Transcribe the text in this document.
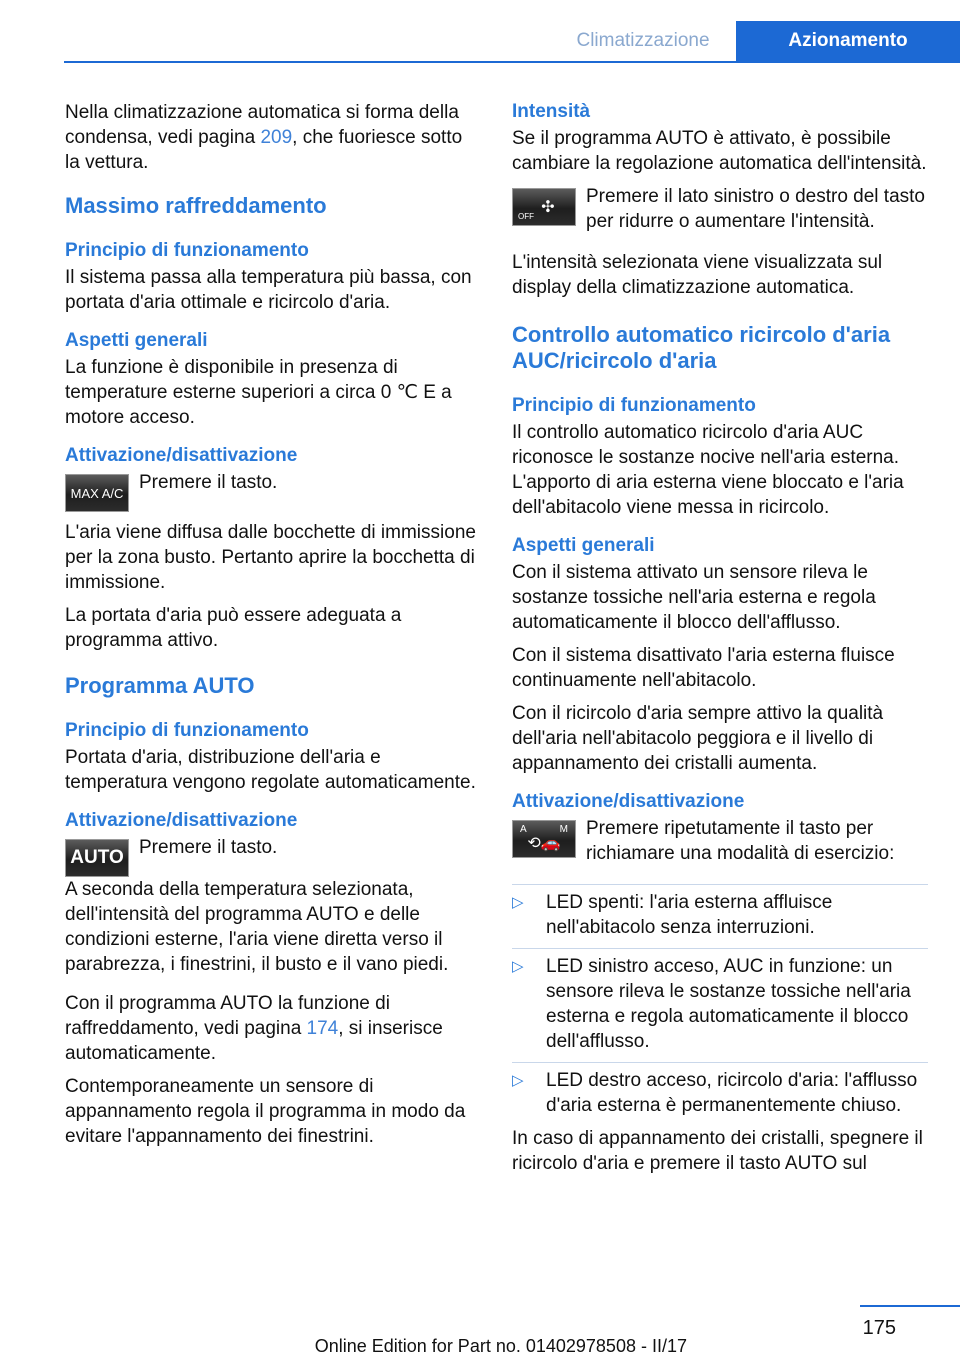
Climatizzazione	Azionamento

Nella climatizzazione automatica si forma della condensa, vedi pagina 209, che fuoriesce sotto la vettura.

Massimo raffreddamento
Principio di funzionamento

Il sistema passa alla temperatura più bassa, con portata d'aria ottimale e ricircolo d'aria.

Aspetti generali

La funzione è disponibile in presenza di temperature esterne superiori a circa 0 ℃ E a motore acceso.

Attivazione/disattivazione
MAX A/C Premere il tasto.

L'aria viene diffusa dalle bocchette di immissione per la zona busto. Pertanto aprire la bocchetta di immissione.

La portata d'aria può essere adeguata a programma attivo.

Programma AUTO
Principio di funzionamento

Portata d'aria, distribuzione dell'aria e temperatura vengono regolate automaticamente.

Attivazione/disattivazione
AUTO Premere il tasto.

A seconda della temperatura selezionata, dell'intensità del programma AUTO e delle condizioni esterne, l'aria viene diretta verso il parabrezza, i finestrini, il busto e il vano piedi.

Con il programma AUTO la funzione di raffreddamento, vedi pagina 174, si inserisce automaticamente.

Contemporaneamente un sensore di appannamento regola il programma in modo da evitare l'appannamento dei finestrini.

Intensità

Se il programma AUTO è attivato, è possibile cambiare la regolazione automatica dell'intensità.

OFF
✣

Premere il lato sinistro o destro del tasto per ridurre o aumentare l'intensità.

L'intensità selezionata viene visualizzata sul display della climatizzazione automatica.

Controllo automatico ricircolo d'aria AUC/ricircolo d'aria
Principio di funzionamento

Il controllo automatico ricircolo d'aria AUC riconosce le sostanze nocive nell'aria esterna. L'apporto di aria esterna viene bloccato e l'aria dell'abitacolo viene messa in ricircolo.

Aspetti generali

Con il sistema attivato un sensore rileva le sostanze tossiche nell'aria esterna e regola automaticamente il blocco dell'afflusso.

Con il sistema disattivato l'aria esterna fluisce continuamente nell'abitacolo.

Con il ricircolo d'aria sempre attivo la qualità dell'aria nell'abitacolo peggiora e il livello di appannamento dei cristalli aumenta.

Attivazione/disattivazione
A	M
⟲🚗

Premere ripetutamente il tasto per richiamare una modalità di esercizio:

▷ LED spenti: l'aria esterna affluisce nell'abitacolo senza interruzioni.
▷ LED sinistro acceso, AUC in funzione: un sensore rileva le sostanze tossiche nell'aria esterna e regola automaticamente il blocco dell'afflusso.
▷ LED destro acceso, ricircolo d'aria: l'afflusso d'aria esterna è permanentemente chiuso.

In caso di appannamento dei cristalli, spegnere il ricircolo d'aria e premere il tasto AUTO sul

175
Online Edition for Part no. 01402978508 - II/17
